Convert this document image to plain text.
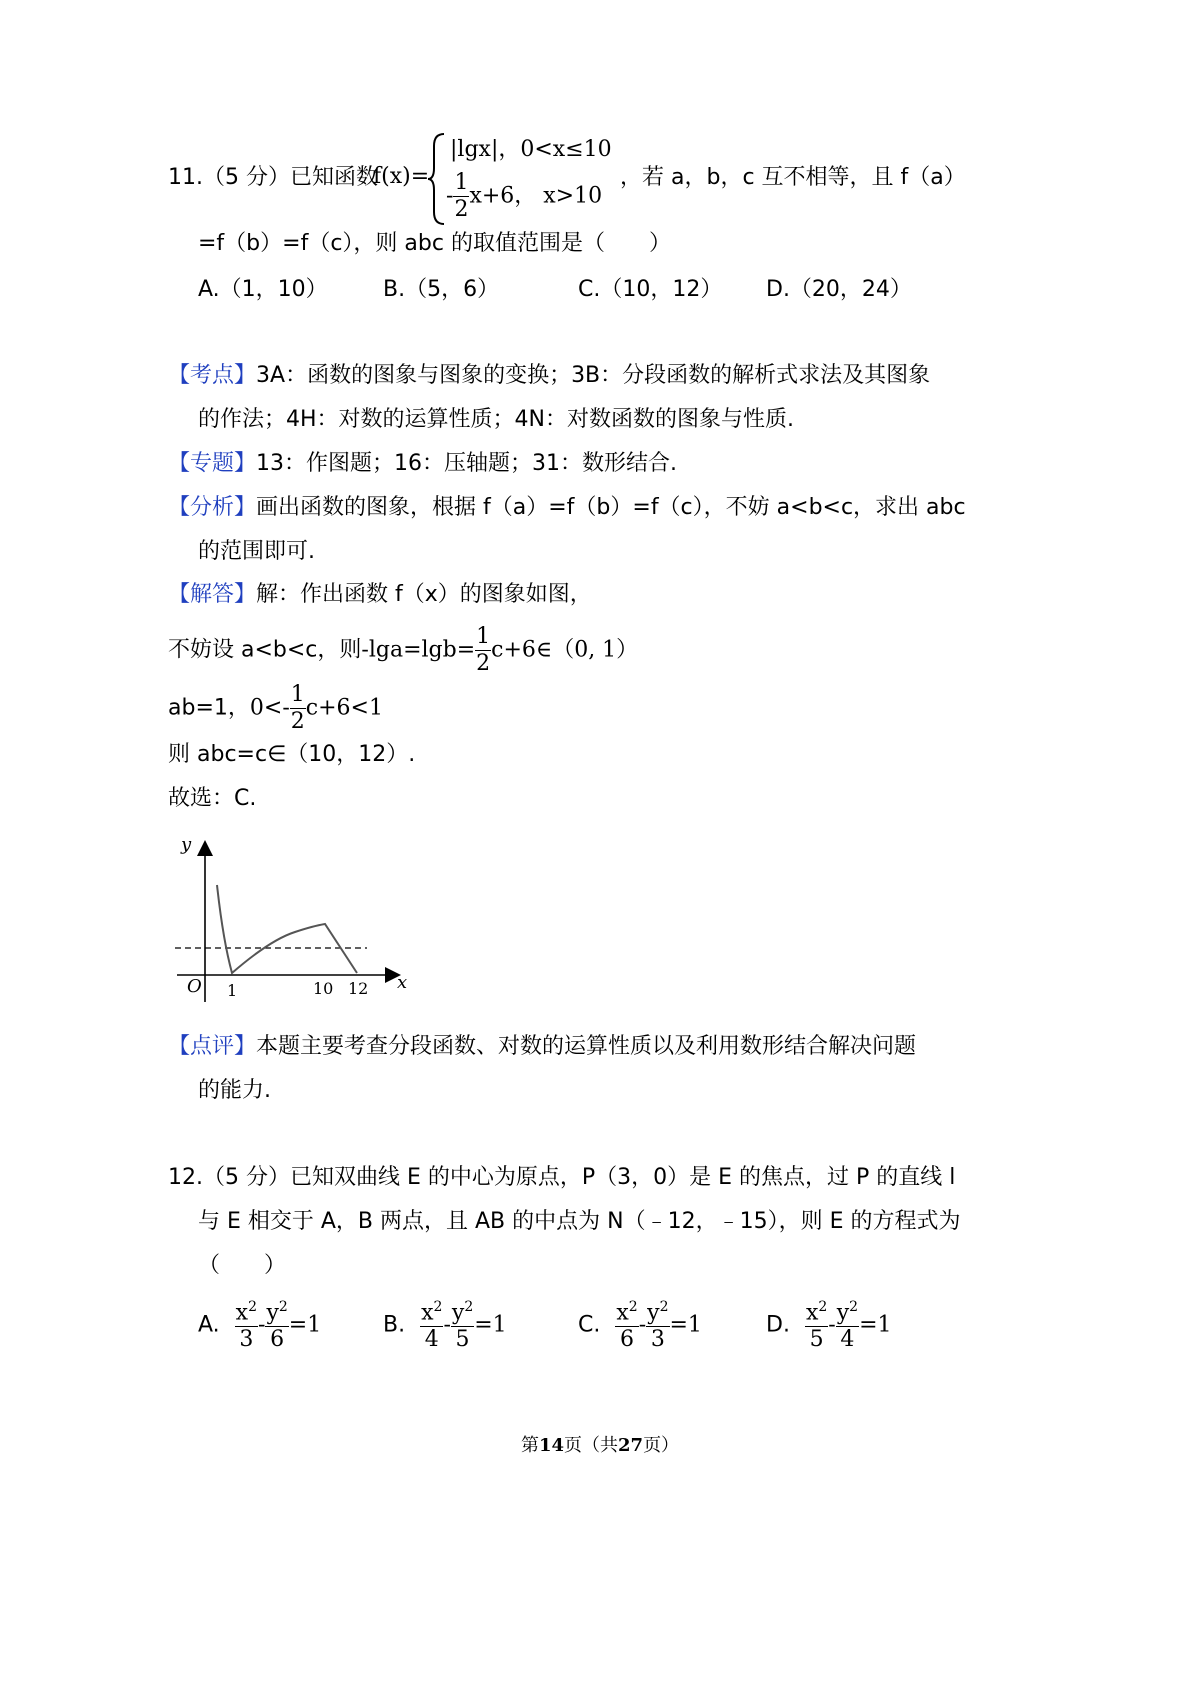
11.（5 分）已知函数
f(x)=
|lgx|，0<x≤10
- $\frac{1}{2} x+6$， x>10
，若 a，b，c 互不相等，且 f（a）
=f（b）=f（c），则 abc 的取值范围是（　　）
A.（1，10）	B.（5，6）	C.（10，12） D.（20，24）
【考点】3A：函数的图象与图象的变换；3B：分段函数的解析式求法及其图象
的作法；4H：对数的运算性质；4N：对数函数的图象与性质.
【专题】13：作图题；16：压轴题；31：数形结合.
【分析】画出函数的图象，根据 f（a）=f（b）=f（c），不妨 a<b<c，求出 abc
的范围即可.
【解答】解：作出函数 f（x）的图象如图，
不妨设 a<b<c，则$-\lg a=\lg b= \frac{1}{2}$ c+6∈（0, 1）
ab=1，$0<- \frac{1}{2} c+6<1$
则 abc=c∈（10，12）.
故选：C.
y
x
O 1	10 12
【点评】本题主要考查分段函数、对数的运算性质以及利用数形结合解决问题
的能力.
12.（5 分）已知双曲线 E 的中心为原点，P（3，0）是 E 的焦点，过 P 的直线 l
与 E 相交于 A，B 两点，且 AB 的中点为 N（﹣12，﹣15），则 E 的方程式为
（　　）
A. $\frac{x^2}{3} - \frac{y^2}{6} =1$	B. $\frac{x^2}{4} - \frac{y^2}{5} =1$	C. $\frac{x^2}{6} - \frac{y^2}{3} =1$	D. $\frac{x^2}{5} - \frac{y^2}{4} =1$
第14页（共27页）
